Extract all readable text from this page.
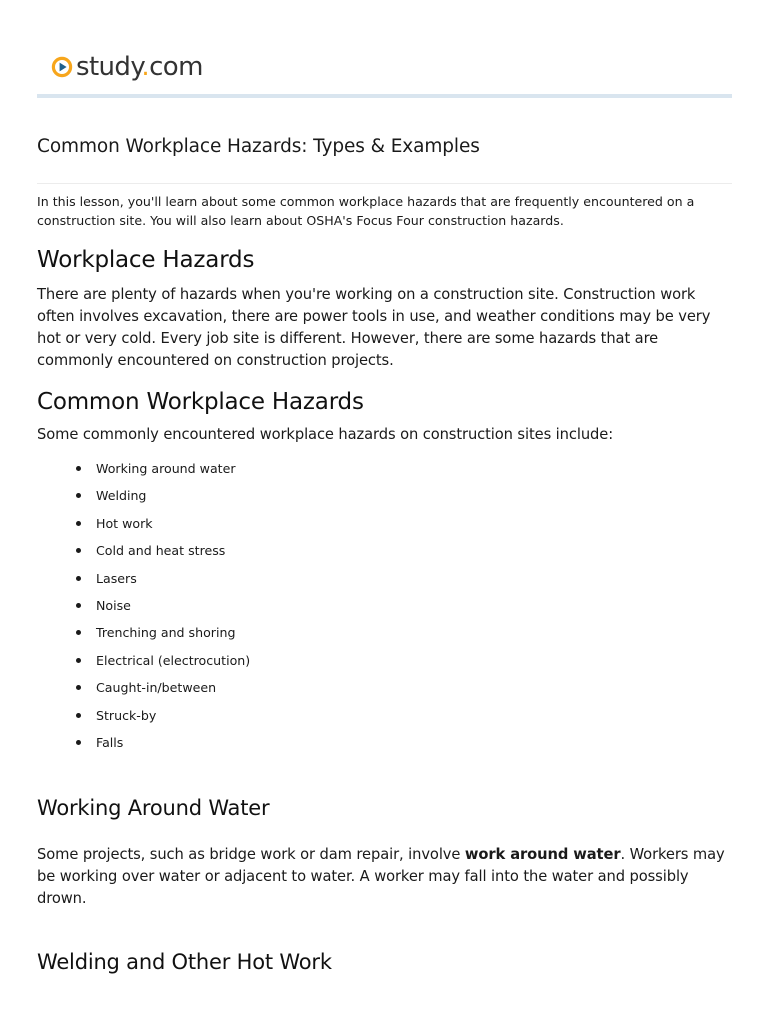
study.com
Common Workplace Hazards: Types & Examples

In this lesson, you'll learn about some common workplace hazards that are frequently encountered on a construction site. You will also learn about OSHA's Focus Four construction hazards.

Workplace Hazards

There are plenty of hazards when you're working on a construction site. Construction work often involves excavation, there are power tools in use, and weather conditions may be very hot or very cold. Every job site is different. However, there are some hazards that are commonly encountered on construction projects.

Common Workplace Hazards

Some commonly encountered workplace hazards on construction sites include:

Working around water
Welding
Hot work
Cold and heat stress
Lasers
Noise
Trenching and shoring
Electrical (electrocution)
Caught-in/between
Struck-by
Falls
Working Around Water

Some projects, such as bridge work or dam repair, involve work around water. Workers may be working over water or adjacent to water. A worker may fall into the water and possibly drown.

Welding and Other Hot Work
